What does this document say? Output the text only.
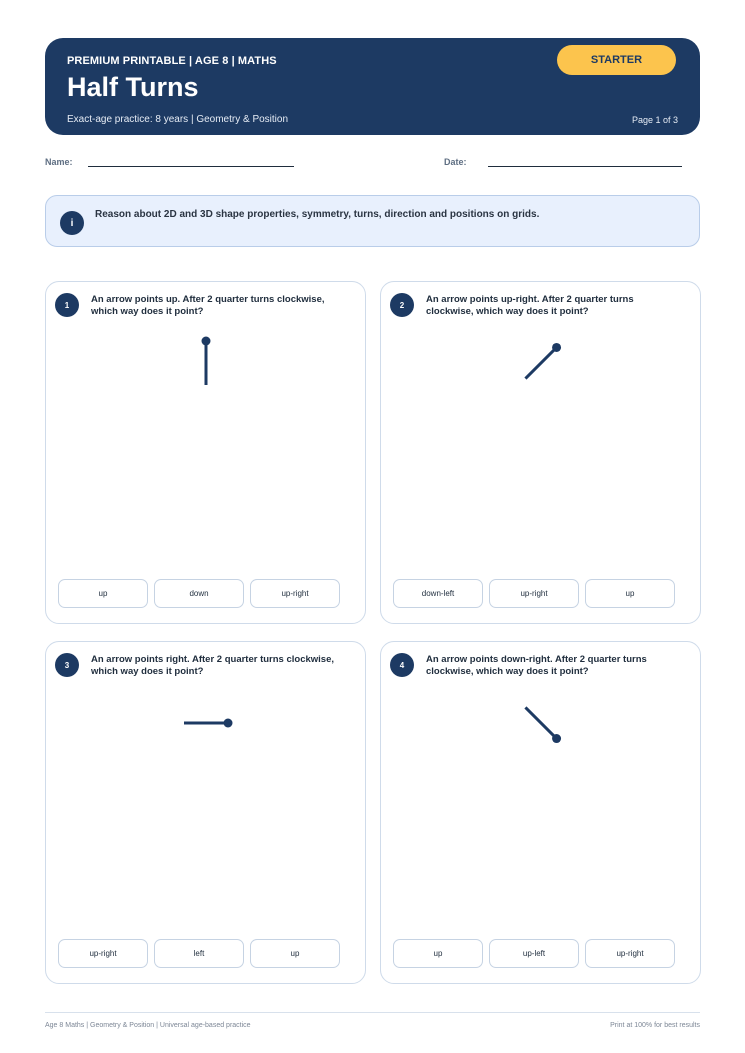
PREMIUM PRINTABLE | AGE 8 | MATHS
Half Turns
Exact-age practice: 8 years | Geometry & Position
STARTER
Page 1 of 3
Name:	Date:
i
Reason about 2D and 3D shape properties, symmetry, turns, direction and positions on grids.
1	An arrow points up. After 2 quarter turns clockwise, which way does it point?
up	down	up-right
2	An arrow points up-right. After 2 quarter turns clockwise, which way does it point?
down-left	up-right	up
3	An arrow points right. After 2 quarter turns clockwise, which way does it point?
up-right	left	up
4	An arrow points down-right. After 2 quarter turns clockwise, which way does it point?
up	up-left	up-right
Age 8 Maths | Geometry & Position | Universal age-based practice	Print at 100% for best results
